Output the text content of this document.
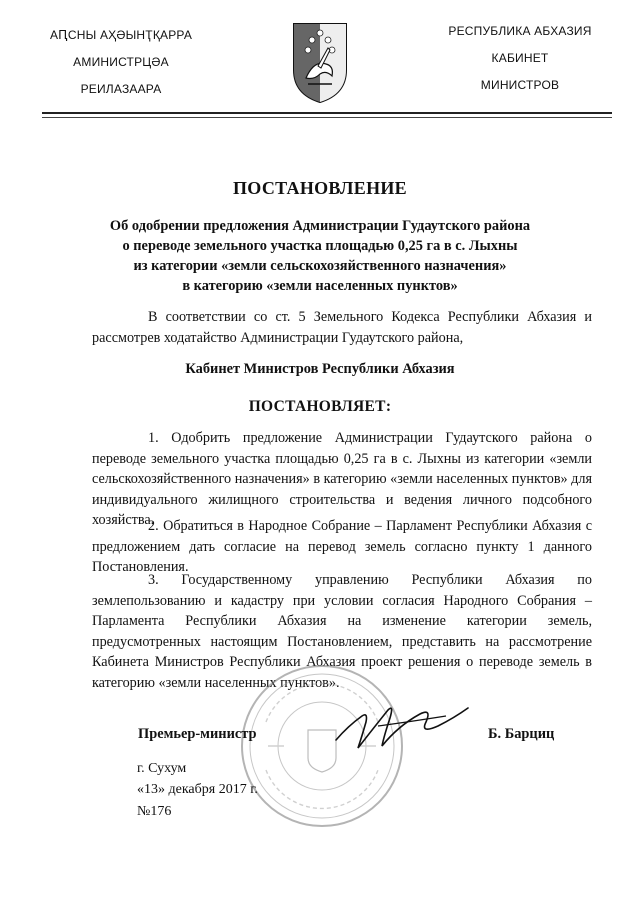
АԤСНЫ АҲӘЫНҬҚАРРА
АМИНИСТРЦӘА
РЕИЛАЗААРА
РЕСПУБЛИКА АБХАЗИЯ
КАБИНЕТ
МИНИСТРОВ
ПОСТАНОВЛЕНИЕ
Об одобрении предложения Администрации Гудаутского района
о переводе земельного участка площадью 0,25 га в с. Лыхны
из категории «земли сельскохозяйственного назначения»
в категорию «земли населенных пунктов»
В соответствии со ст. 5 Земельного Кодекса Республики Абхазия и рассмотрев ходатайство Администрации Гудаутского района,
Кабинет Министров Республики Абхазия
ПОСТАНОВЛЯЕТ:
1. Одобрить предложение Администрации Гудаутского района о переводе земельного участка площадью 0,25 га в с. Лыхны из категории «земли сельскохозяйственного назначения» в категорию «земли населенных пунктов» для индивидуального жилищного строительства и ведения личного подсобного хозяйства.
2. Обратиться в Народное Собрание – Парламент Республики Абхазия с предложением дать согласие на перевод земель согласно пункту 1 данного Постановления.
3. Государственному управлению Республики Абхазия по землепользованию и кадастру при условии согласия Народного Собрания – Парламента Республики Абхазия на изменение категории земель, предусмотренных настоящим Постановлением, представить на рассмотрение Кабинета Министров Республики Абхазия проект решения о переводе земель в категорию «земли населенных пунктов».
Премьер-министр	Б. Барциц
г. Сухум
«13» декабря 2017 г.
№176
